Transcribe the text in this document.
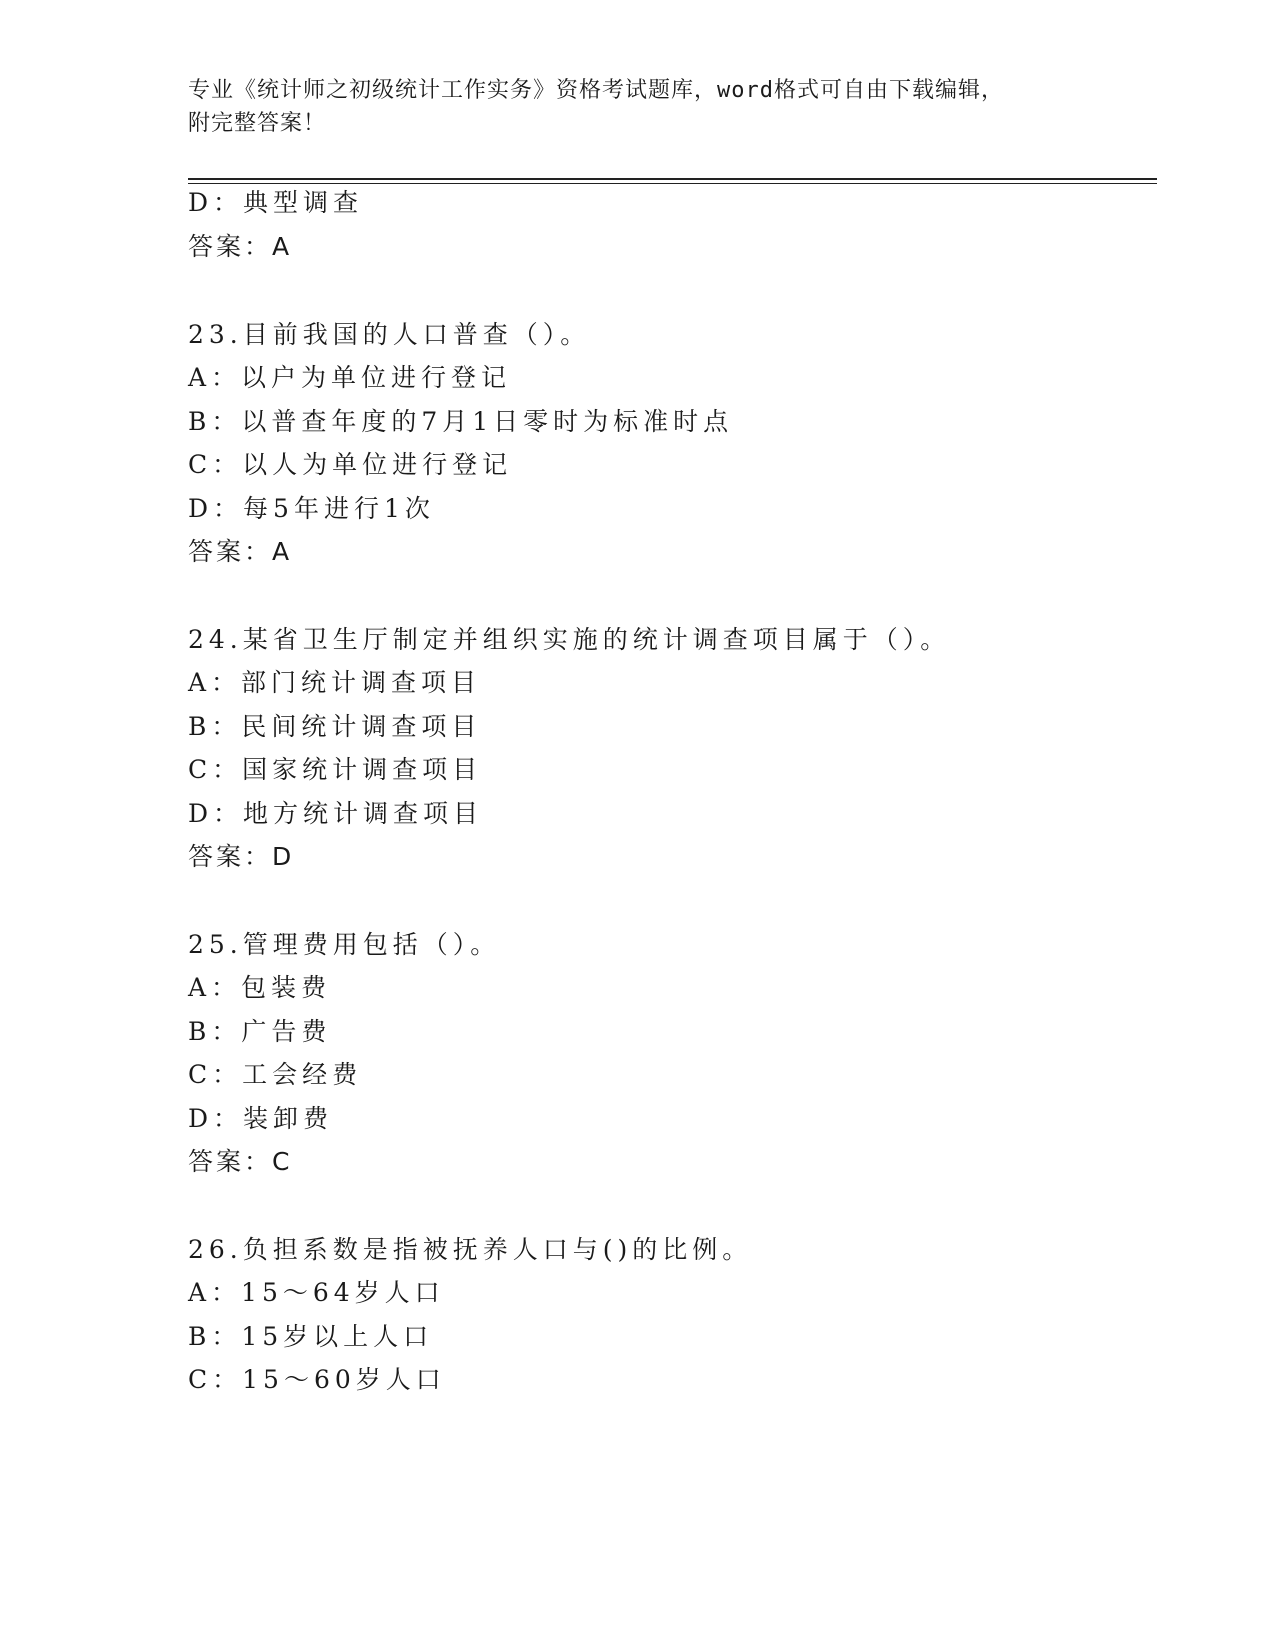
专业《统计师之初级统计工作实务》资格考试题库，word格式可自由下载编辑，
附完整答案！
D：典型调查
答案：A
23.目前我国的人口普查（）。
A：以户为单位进行登记
B：以普查年度的7月1日零时为标准时点
C：以人为单位进行登记
D：每5年进行1次
答案：A
24.某省卫生厅制定并组织实施的统计调查项目属于（）。
A：部门统计调查项目
B：民间统计调查项目
C：国家统计调查项目
D：地方统计调查项目
答案：D
25.管理费用包括（）。
A：包装费
B：广告费
C：工会经费
D：装卸费
答案：C
26.负担系数是指被抚养人口与()的比例。
A：15～64岁人口
B：15岁以上人口
C：15～60岁人口
